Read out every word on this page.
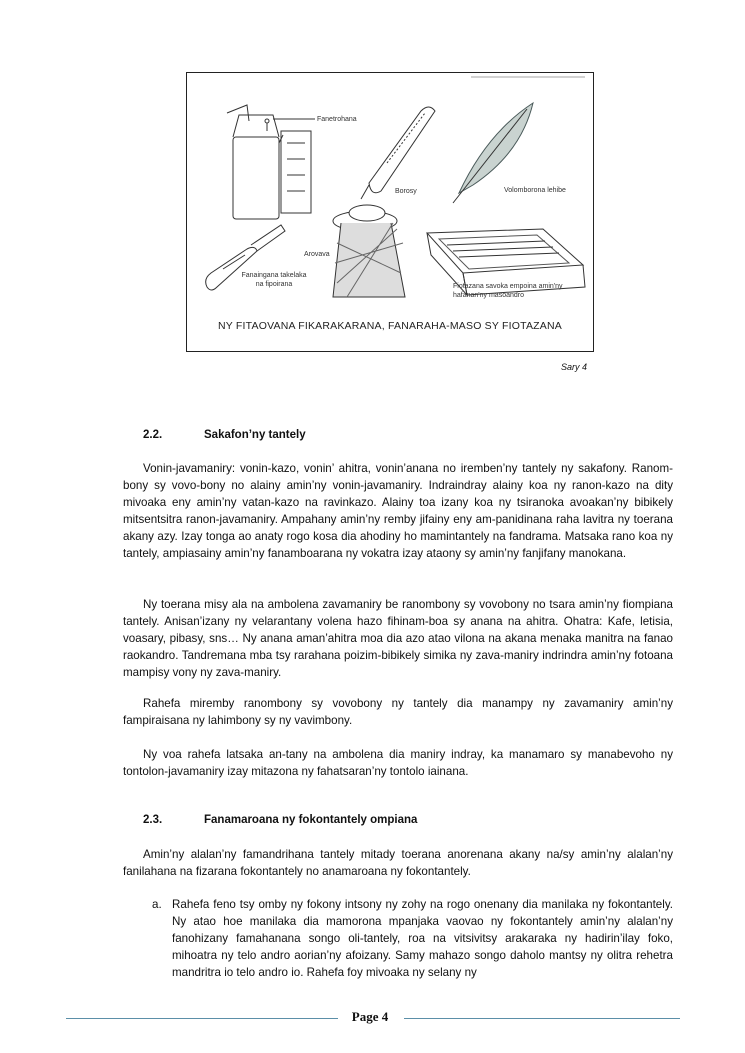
Fanetrohana
Borosy	Volomborona lehibe
Arovava
Fanaingana takelaka na fipoirana	Fiotazana savoka empoina amin'ny hafanan'ny masoandro
NY FITAOVANA FIKARAKARANA, FANARAHA-MASO SY FIOTAZANA
Sary 4
2.2.	Sakafon’ny tantely
Vonin-javamaniry: vonin-kazo, vonin’ ahitra, vonin’anana no iremben’ny tantely ny sakafony. Ranom-bony sy vovo-bony no alainy amin’ny vonin-javamaniry. Indraindray alainy koa ny ranon-kazo na dity mivoaka eny amin’ny vatan-kazo na ravinkazo. Alainy toa izany koa ny tsiranoka avoakan’ny bibikely mitsentsitra ranon-javamaniry. Ampahany amin’ny remby jifainy eny am-panidinana raha lavitra ny toerana akany azy. Izay tonga ao anaty rogo kosa dia ahodiny ho mamintantely na fandrama. Matsaka rano koa ny tantely, ampiasainy amin’ny fanamboarana ny vokatra izay ataony sy amin’ny fanjifany manokana.
Ny toerana misy ala na ambolena zavamaniry be ranombony sy vovobony no tsara amin’ny fiompiana tantely. Anisan’izany ny velarantany volena hazo fihinam-boa sy anana na ahitra. Ohatra: Kafe, letisia, voasary, pibasy, sns… Ny anana aman’ahitra moa dia azo atao vilona na akana menaka manitra na fanao raokandro. Tandremana mba tsy rarahana poizim-bibikely simika ny zava-maniry indrindra amin’ny fotoana mampisy vony ny zava-maniry.
Rahefa miremby ranombony sy vovobony ny tantely dia manampy ny zavamaniry amin’ny fampiraisana ny lahimbony sy ny vavimbony.
Ny voa rahefa latsaka an-tany na ambolena dia maniry indray, ka manamaro sy manabevoho ny tontolon-javamaniry izay mitazona ny fahatsaran’ny tontolo iainana.
2.3.	Fanamaroana ny fokontantely ompiana
Amin’ny alalan’ny famandrihana tantely mitady toerana anorenana akany na/sy amin’ny alalan’ny fanilahana na fizarana fokontantely no anamaroana ny fokontantely.
a. Rahefa feno tsy omby ny fokony intsony ny zohy na rogo onenany dia manilaka ny fokontantely. Ny atao hoe manilaka dia mamorona mpanjaka vaovao ny fokontantely amin’ny alalan’ny fanohizany famahanana songo oli-tantely, roa na vitsivitsy arakaraka ny hadirin’ilay foko, mihoatra ny telo andro aorian’ny afoizany. Samy mahazo songo daholo mantsy ny olitra rehetra mandritra io telo andro io. Rahefa foy mivoaka ny selany ny
Page 4
